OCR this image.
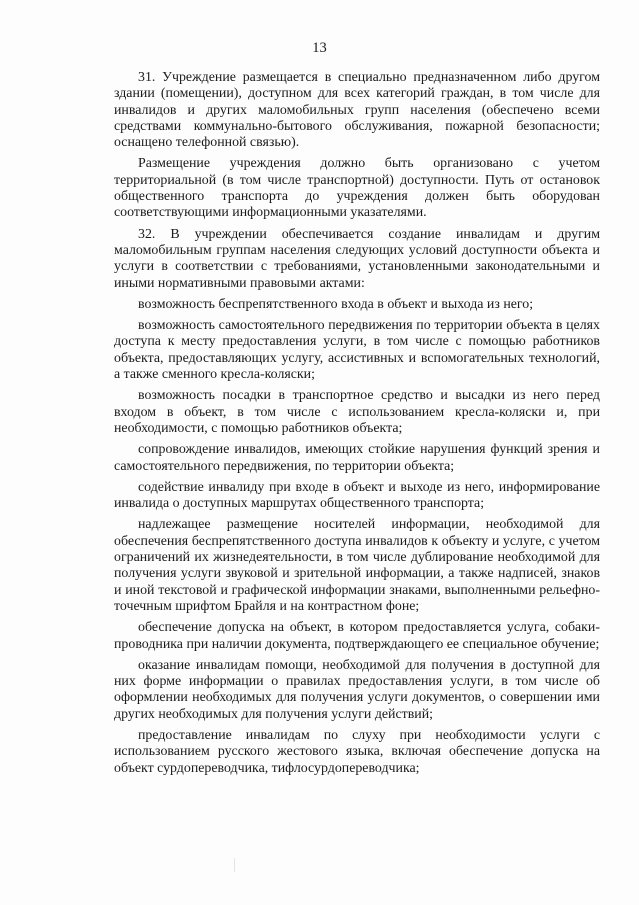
13

31. Учреждение размещается в специально предназначенном либо другом здании (помещении), доступном для всех категорий граждан, в том числе для инвалидов и других маломобильных групп населения (обеспечено всеми средствами коммунально-бытового обслуживания, пожарной безопасности; оснащено телефонной связью).

Размещение учреждения должно быть организовано с учетом территориальной (в том числе транспортной) доступности. Путь от остановок общественного транспорта до учреждения должен быть оборудован соответствующими информационными указателями.

32. В учреждении обеспечивается создание инвалидам и другим маломобильным группам населения следующих условий доступности объекта и услуги в соответствии с требованиями, установленными законодательными и иными нормативными правовыми актами:

возможность беспрепятственного входа в объект и выхода из него;

возможность самостоятельного передвижения по территории объекта в целях доступа к месту предоставления услуги, в том числе с помощью работников объекта, предоставляющих услугу, ассистивных и вспомогательных технологий, а также сменного кресла-коляски;

возможность посадки в транспортное средство и высадки из него перед входом в объект, в том числе с использованием кресла-коляски и, при необходимости, с помощью работников объекта;

сопровождение инвалидов, имеющих стойкие нарушения функций зрения и самостоятельного передвижения, по территории объекта;

содействие инвалиду при входе в объект и выходе из него, информирование инвалида о доступных маршрутах общественного транспорта;

надлежащее размещение носителей информации, необходимой для обеспечения беспрепятственного доступа инвалидов к объекту и услуге, с учетом ограничений их жизнедеятельности, в том числе дублирование необходимой для получения услуги звуковой и зрительной информации, а также надписей, знаков и иной текстовой и графической информации знаками, выполненными рельефно-точечным шрифтом Брайля и на контрастном фоне;

обеспечение допуска на объект, в котором предоставляется услуга, собаки-проводника при наличии документа, подтверждающего ее специальное обучение;

оказание инвалидам помощи, необходимой для получения в доступной для них форме информации о правилах предоставления услуги, в том числе об оформлении необходимых для получения услуги документов, о совершении ими других необходимых для получения услуги действий;

предоставление инвалидам по слуху при необходимости услуги с использованием русского жестового языка, включая обеспечение допуска на объект сурдопереводчика, тифлосурдопереводчика;
